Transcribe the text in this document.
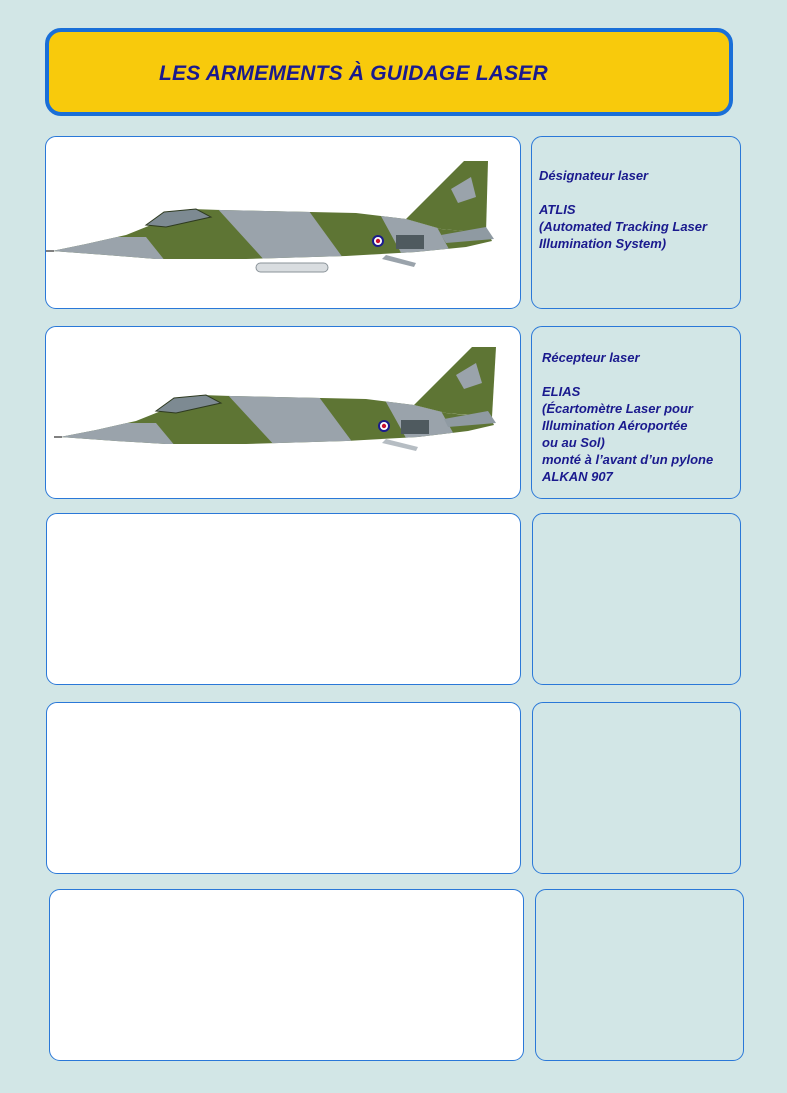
LES ARMEMENTS À GUIDAGE LASER
Désignateur laser
ATLIS
(Automated Tracking Laser
Illumination System)
Récepteur laser
ELIAS
(Écartomètre Laser pour
Illumination Aéroportée
ou au Sol)
monté à l’avant d’un pylone
ALKAN 907
